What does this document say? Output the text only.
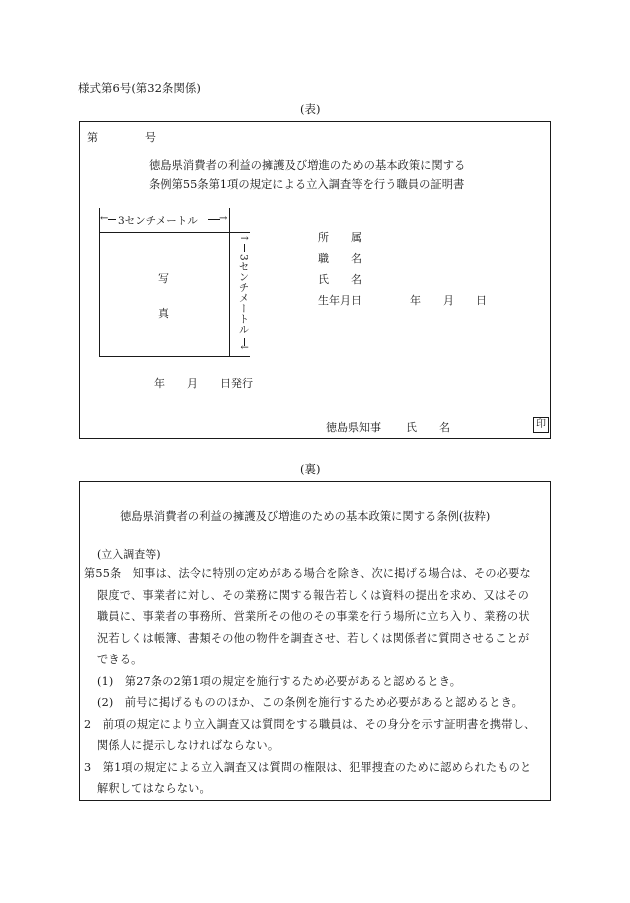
様式第6号(第32条関係)
(表)
第	号
徳島県消費者の利益の擁護及び増進のための基本政策に関する
条例第55条第1項の規定による立入調査等を行う職員の証明書
← 3センチメートル →
写
真
↑
3センチメートル
↓
所　　属
職　　名
氏　　名
生年月日	年　　月　　日
年　　月　　日発行
徳島県知事 氏　　名	印
(裏)
徳島県消費者の利益の擁護及び増進のための基本政策に関する条例(抜粋)
(立入調査等)
第55条　知事は、法令に特別の定めがある場合を除き、次に掲げる場合は、その必要な
限度で、事業者に対し、その業務に関する報告若しくは資料の提出を求め、又はその
職員に、事業者の事務所、営業所その他のその事業を行う場所に立ち入り、業務の状
況若しくは帳簿、書類その他の物件を調査させ、若しくは関係者に質問させることが
できる。
(1)　第27条の2第1項の規定を施行するため必要があると認めるとき。
(2)　前号に掲げるもののほか、この条例を施行するため必要があると認めるとき。
2　前項の規定により立入調査又は質問をする職員は、その身分を示す証明書を携帯し、
関係人に提示しなければならない。
3　第1項の規定による立入調査又は質問の権限は、犯罪捜査のために認められたものと
解釈してはならない。
